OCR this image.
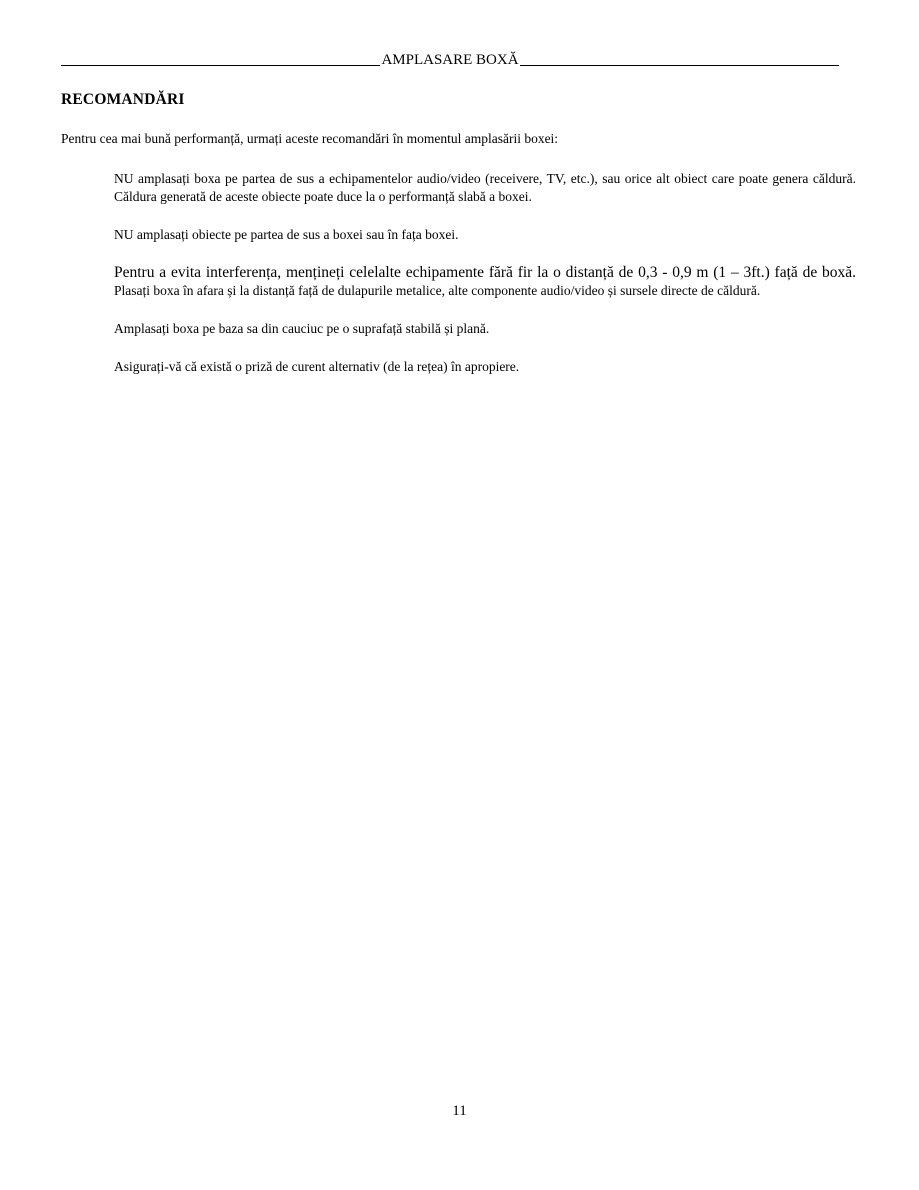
AMPLASARE BOXĂ
RECOMANDĂRI

Pentru cea mai bună performanță, urmați aceste recomandări în momentul amplasării boxei:

NU amplasați boxa pe partea de sus a echipamentelor audio/video (receivere, TV, etc.), sau orice alt obiect care poate genera căldură. Căldura generată de aceste obiecte poate duce la o performanță slabă a boxei.
NU amplasați obiecte pe partea de sus a boxei sau în fața boxei.
Pentru a evita interferența, mențineți celelalte echipamente fără fir la o distanță de 0,3 - 0,9 m (1 – 3ft.) față de boxă. Plasați boxa în afara și la distanță față de dulapurile metalice, alte componente audio/video și sursele directe de căldură.
Amplasați boxa pe baza sa din cauciuc pe o suprafață stabilă și plană.
Asigurați-vă că există o priză de curent alternativ (de la rețea) în apropiere.
11
